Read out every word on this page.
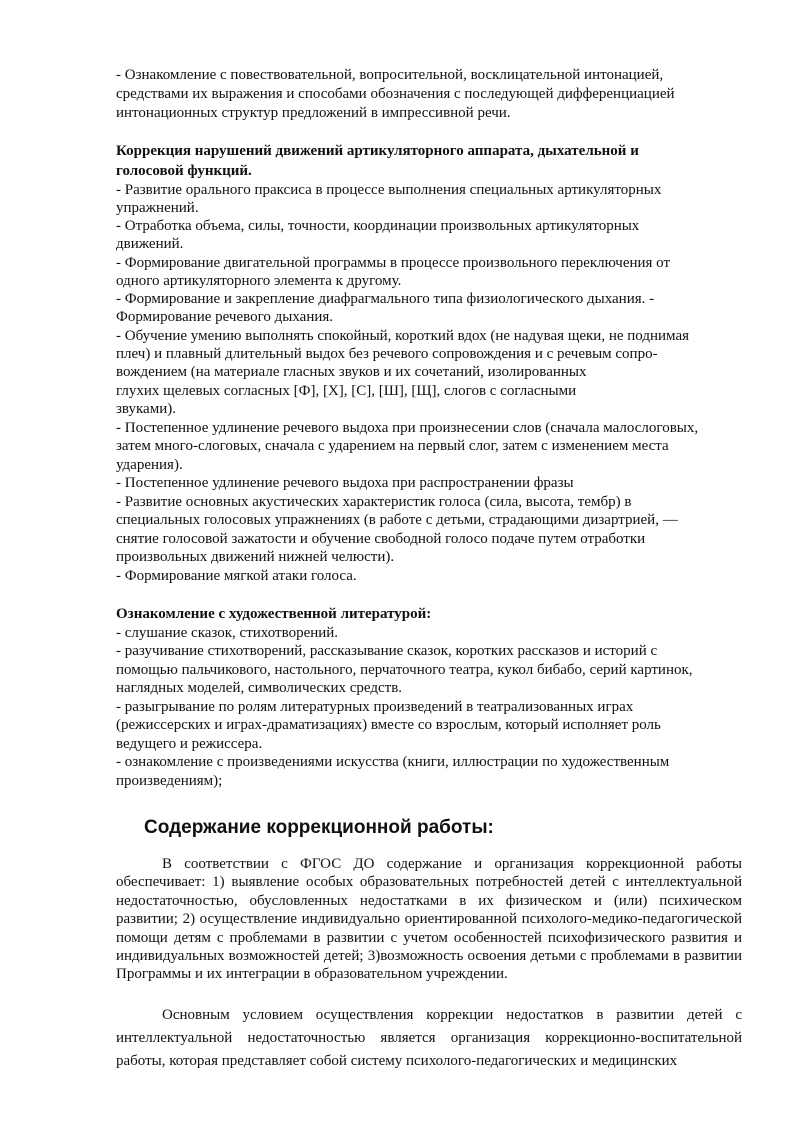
- Ознакомление с повествовательной, вопросительной, восклицательной интонацией,
средствами их выражения и способами обозначения с последующей дифференциацией
интонационных структур предложений в импрессивной речи.
Коррекция нарушений движений артикуляторного аппарата, дыхательной и
голосовой функций.
- Развитие орального праксиса в процессе выполнения специальных артикуляторных
упражнений.
- Отработка объема, силы, точности, координации произвольных артикуляторных
движений.
- Формирование двигательной программы в процессе произвольного переключения от
одного артикуляторного элемента к другому.
- Формирование и закрепление диафрагмального типа физиологического дыхания. -
Формирование речевого дыхания.
- Обучение умению выполнять спокойный, короткий вдох (не надувая щеки, не поднимая
плеч) и плавный длительный выдох без речевого сопровождения и с речевым сопро-
вождением (на материале гласных звуков и их сочетаний, изолированных
глухих щелевых согласных [Ф], [Х], [С], [Ш], [Щ], слогов с согласными
звуками).
- Постепенное удлинение речевого выдоха при произнесении слов (сначала малослоговых,
затем много-слоговых, сначала с ударением на первый слог, затем с изменением места
ударения).
- Постепенное удлинение речевого выдоха при распространении фразы
- Развитие основных акустических характеристик голоса (сила, высота, тембр) в
специальных голосовых упражнениях (в работе с детьми, страдающими дизартрией, —
снятие голосовой зажатости и обучение свободной голосо подаче путем отработки
произвольных движений нижней челюсти).
- Формирование мягкой атаки голоса.
Ознакомление с художественной литературой:
- слушание сказок, стихотворений.
- разучивание стихотворений, рассказывание сказок, коротких рассказов и историй с
помощью пальчикового, настольного, перчаточного театра, кукол бибабо, серий картинок,
наглядных моделей, символических средств.
- разыгрывание по ролям литературных произведений в театрализованных играх
(режиссерских и играх-драматизациях) вместе со взрослым, который исполняет роль
ведущего и режиссера.
- ознакомление с произведениями искусства (книги, иллюстрации по художественным
произведениям);
Содержание коррекционной работы:
В соответствии с ФГОС ДО содержание и организация коррекционной работы обеспечивает: 1) выявление особых образовательных потребностей детей с интеллектуальной недостаточностью, обусловленных недостатками в их физическом и (или) психическом развитии; 2) осуществление индивидуально ориентированной психолого-медико-педагогической помощи детям с проблемами в развитии с учетом особенностей психофизического развития и индивидуальных возможностей детей; 3)возможность освоения детьми с проблемами в развитии Программы и их интеграции в образовательном учреждении.
Основным условием осуществления коррекции недостатков в развитии детей с интеллектуальной недостаточностью является организация коррекционно-воспитательной работы, которая представляет собой систему психолого-педагогических и медицинских
